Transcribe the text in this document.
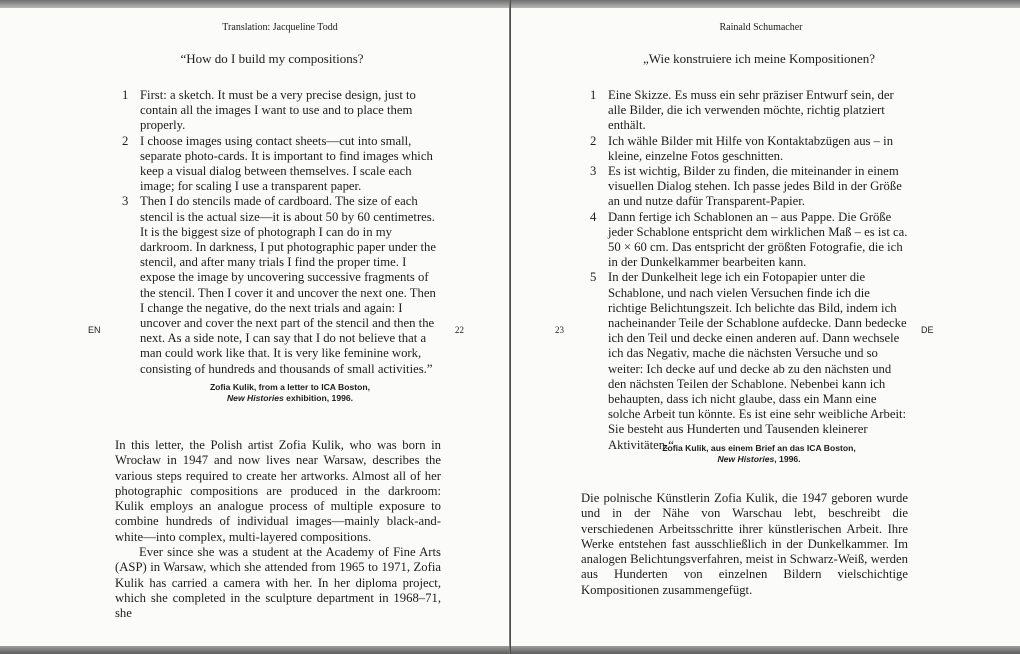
Translation: Jacqueline Todd
“How do I build my compositions?
1 First: a sketch. It must be a very precise design, just to contain all the images I want to use and to place them properly.
2 I choose images using contact sheets—cut into small, separate photo-cards. It is important to find images which keep a visual dialog between themselves. I scale each image; for scaling I use a transparent paper.
3 Then I do stencils made of cardboard. The size of each stencil is the actual size—it is about 50 by 60 centimetres. It is the biggest size of photograph I can do in my darkroom. In darkness, I put photographic paper under the stencil, and after many trials I find the proper time. I expose the image by uncovering successive fragments of the stencil. Then I cover it and uncover the next one. Then I change the negative, do the next trials and again: I uncover and cover the next part of the stencil and then the next. As a side note, I can say that I do not believe that a man could work like that. It is very like feminine work, consisting of hundreds and thousands of small activities.”
Zofia Kulik, from a letter to ICA Boston,
New Histories exhibition, 1996.

In this letter, the Polish artist Zofia Kulik, who was born in Wrocław in 1947 and now lives near Warsaw, describes the various steps required to create her artworks. Almost all of her photographic compositions are produced in the darkroom: Kulik employs an analogue process of multiple exposure to combine hundreds of individual images—mainly black-and-white—into complex, multi-layered compositions.

Ever since she was a student at the Academy of Fine Arts (ASP) in Warsaw, which she attended from 1965 to 1971, Zofia Kulik has carried a camera with her. In her diploma project, which she completed in the sculpture department in 1968–71, she

EN	22
Rainald Schumacher
„Wie konstruiere ich meine Kompositionen?
1 Eine Skizze. Es muss ein sehr präziser Entwurf sein, der alle Bilder, die ich verwenden möchte, richtig platziert enthält.
2 Ich wähle Bilder mit Hilfe von Kontaktabzügen aus – in kleine, einzelne Fotos geschnitten.
3 Es ist wichtig, Bilder zu finden, die miteinander in einem visuellen Dialog stehen. Ich passe jedes Bild in der Größe an und nutze dafür Transparent-Papier.
4 Dann fertige ich Schablonen an – aus Pappe. Die Größe jeder Schablone entspricht dem wirklichen Maß – es ist ca. 50 × 60 cm. Das entspricht der größten Fotografie, die ich in der Dunkelkammer bearbeiten kann.
5 In der Dunkelheit lege ich ein Fotopapier unter die Schablone, und nach vielen Versuchen finde ich die richtige Belichtungszeit. Ich belichte das Bild, indem ich nacheinander Teile der Schablone aufdecke. Dann bedecke ich den Teil und decke einen anderen auf. Dann wechsele ich das Negativ, mache die nächsten Versuche und so weiter: Ich decke auf und decke ab zu den nächsten und den nächsten Teilen der Schablone. Nebenbei kann ich behaupten, dass ich nicht glaube, dass ein Mann eine solche Arbeit tun könnte. Es ist eine sehr weibliche Arbeit: Sie besteht aus Hunderten und Tausenden kleinerer Aktivitäten.“
Zofia Kulik, aus einem Brief an das ICA Boston,
New Histories, 1996.

Die polnische Künstlerin Zofia Kulik, die 1947 geboren wurde und in der Nähe von Warschau lebt, beschreibt die verschiedenen Arbeitsschritte ihrer künstlerischen Arbeit. Ihre Werke entstehen fast ausschließlich in der Dunkelkammer. Im analogen Belichtungsverfahren, meist in Schwarz-Weiß, werden aus Hunderten von einzelnen Bildern vielschichtige Kompositionen zusammengefügt.

23	DE
